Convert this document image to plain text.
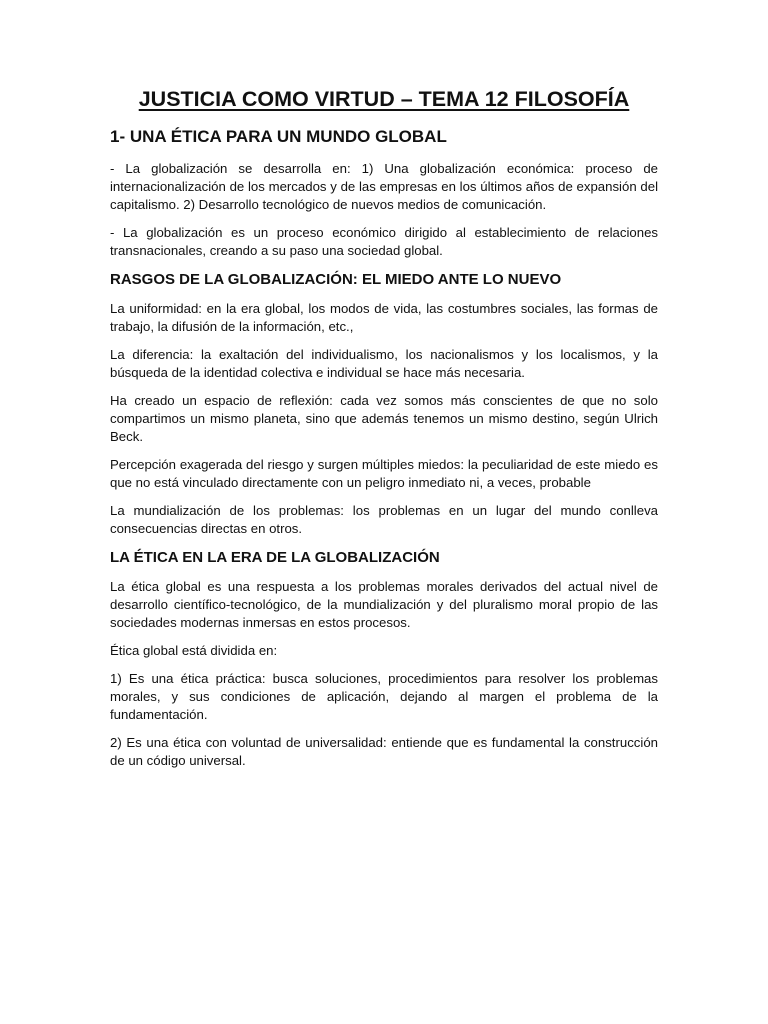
JUSTICIA COMO VIRTUD – TEMA 12 FILOSOFÍA
1- UNA ÉTICA PARA UN MUNDO GLOBAL

- La globalización se desarrolla en: 1) Una globalización económica: proceso de internacionalización de los mercados y de las empresas en los últimos años de expansión del capitalismo. 2) Desarrollo tecnológico de nuevos medios de comunicación.

- La globalización es un proceso económico dirigido al establecimiento de relaciones transnacionales, creando a su paso una sociedad global.

RASGOS DE LA GLOBALIZACIÓN: EL MIEDO ANTE LO NUEVO

La uniformidad: en la era global, los modos de vida, las costumbres sociales, las formas de trabajo, la difusión de la información, etc.,

La diferencia: la exaltación del individualismo, los nacionalismos y los localismos, y la búsqueda de la identidad colectiva e individual se hace más necesaria.

Ha creado un espacio de reflexión: cada vez somos más conscientes de que no solo compartimos un mismo planeta, sino que además tenemos un mismo destino, según Ulrich Beck.

Percepción exagerada del riesgo y surgen múltiples miedos: la peculiaridad de este miedo es que no está vinculado directamente con un peligro inmediato ni, a veces, probable

La mundialización de los problemas: los problemas en un lugar del mundo conlleva consecuencias directas en otros.

LA ÉTICA EN LA ERA DE LA GLOBALIZACIÓN

La ética global es una respuesta a los problemas morales derivados del actual nivel de desarrollo científico-tecnológico, de la mundialización y del pluralismo moral propio de las sociedades modernas inmersas en estos procesos.

Ética global está dividida en:

1) Es una ética práctica: busca soluciones, procedimientos para resolver los problemas morales, y sus condiciones de aplicación, dejando al margen el problema de la fundamentación.

2) Es una ética con voluntad de universalidad: entiende que es fundamental la construcción de un código universal.
